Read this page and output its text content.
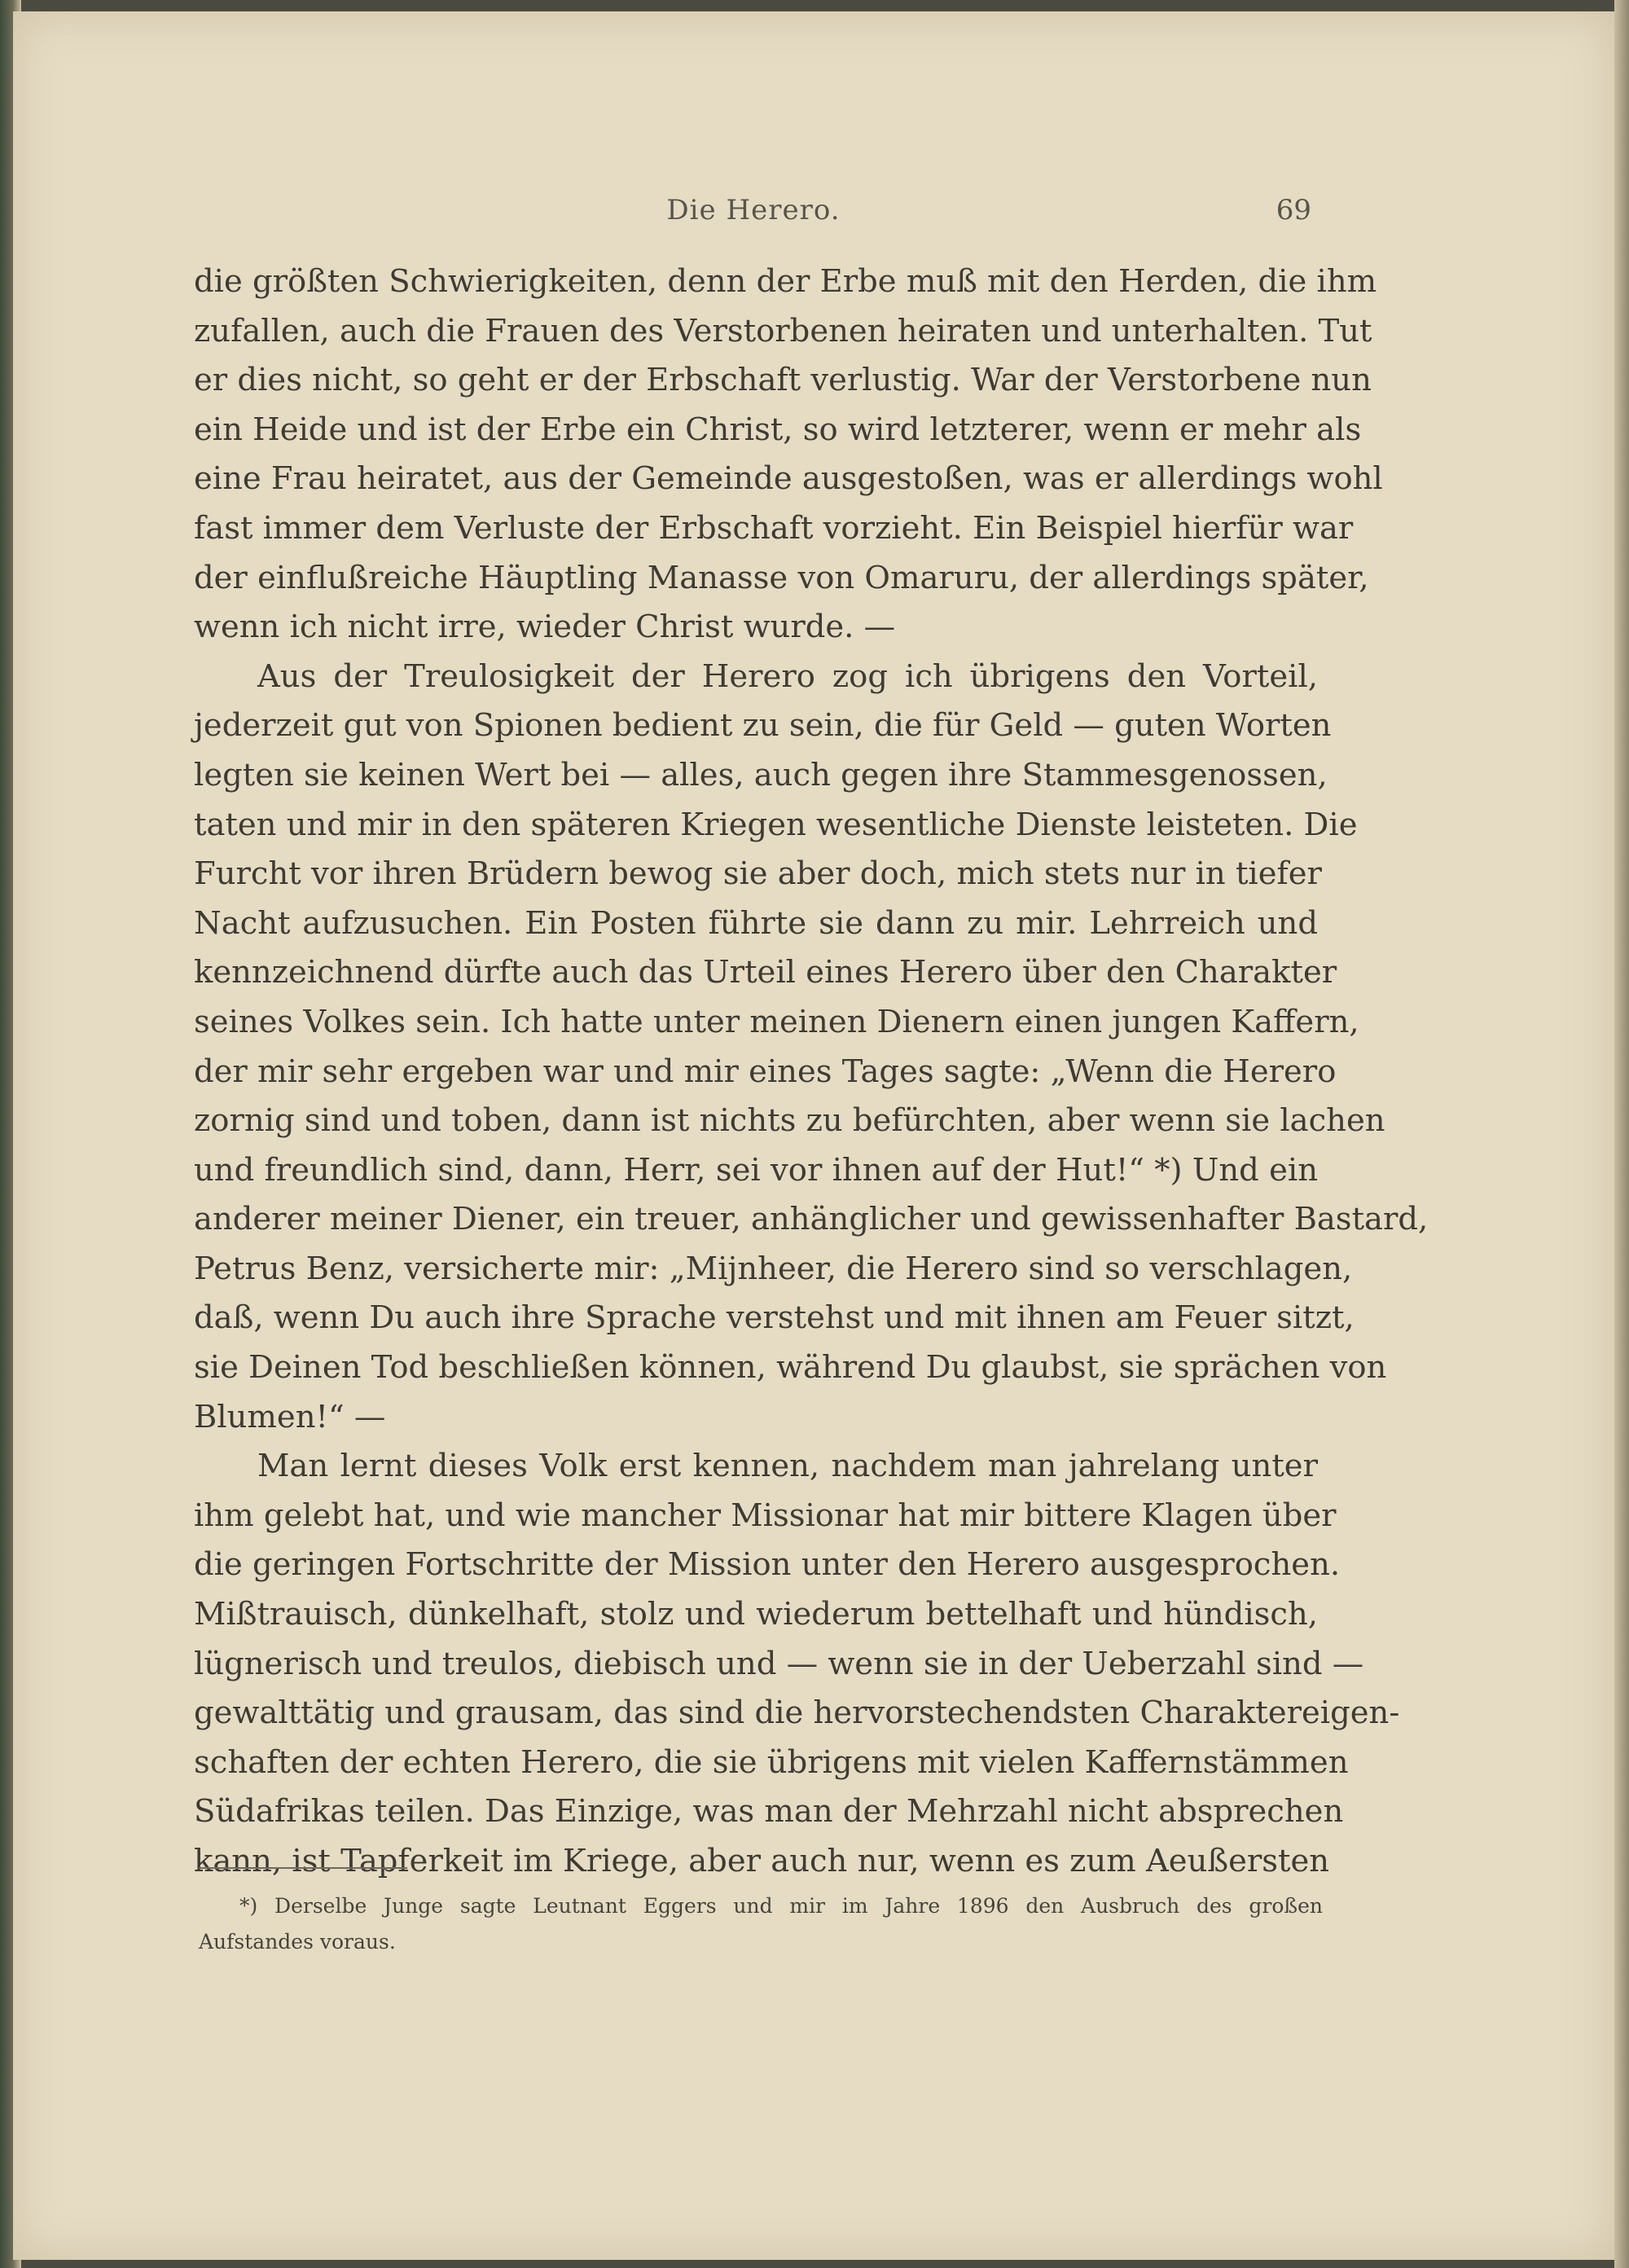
Die Herero.	69
die größten Schwierigkeiten, denn der Erbe muß mit den Herden, die ihm
zufallen, auch die Frauen des Verstorbenen heiraten und unterhalten. Tut
er dies nicht, so geht er der Erbschaft verlustig. War der Verstorbene nun
ein Heide und ist der Erbe ein Christ, so wird letzterer, wenn er mehr als
eine Frau heiratet, aus der Gemeinde ausgestoßen, was er allerdings wohl
fast immer dem Verluste der Erbschaft vorzieht. Ein Beispiel hierfür war
der einflußreiche Häuptling Manasse von Omaruru, der allerdings später,
wenn ich nicht irre, wieder Christ wurde. —
Aus der Treulosigkeit der Herero zog ich übrigens den Vorteil,
jederzeit gut von Spionen bedient zu sein, die für Geld — guten Worten
legten sie keinen Wert bei — alles, auch gegen ihre Stammesgenossen,
taten und mir in den späteren Kriegen wesentliche Dienste leisteten. Die
Furcht vor ihren Brüdern bewog sie aber doch, mich stets nur in tiefer
Nacht aufzusuchen. Ein Posten führte sie dann zu mir. Lehrreich und
kennzeichnend dürfte auch das Urteil eines Herero über den Charakter
seines Volkes sein. Ich hatte unter meinen Dienern einen jungen Kaffern,
der mir sehr ergeben war und mir eines Tages sagte: „Wenn die Herero
zornig sind und toben, dann ist nichts zu befürchten, aber wenn sie lachen
und freundlich sind, dann, Herr, sei vor ihnen auf der Hut!“ *) Und ein
anderer meiner Diener, ein treuer, anhänglicher und gewissenhafter Bastard,
Petrus Benz, versicherte mir: „Mijnheer, die Herero sind so verschlagen,
daß, wenn Du auch ihre Sprache verstehst und mit ihnen am Feuer sitzt,
sie Deinen Tod beschließen können, während Du glaubst, sie sprächen von
Blumen!“ —
Man lernt dieses Volk erst kennen, nachdem man jahrelang unter
ihm gelebt hat, und wie mancher Missionar hat mir bittere Klagen über
die geringen Fortschritte der Mission unter den Herero ausgesprochen.
Mißtrauisch, dünkelhaft, stolz und wiederum bettelhaft und hündisch,
lügnerisch und treulos, diebisch und — wenn sie in der Ueberzahl sind —
gewalttätig und grausam, das sind die hervorstechendsten Charaktereigen-
schaften der echten Herero, die sie übrigens mit vielen Kaffernstämmen
Südafrikas teilen. Das Einzige, was man der Mehrzahl nicht absprechen
kann, ist Tapferkeit im Kriege, aber auch nur, wenn es zum Aeußersten
*) Derselbe Junge sagte Leutnant Eggers und mir im Jahre 1896 den Ausbruch des großen
Aufstandes voraus.
